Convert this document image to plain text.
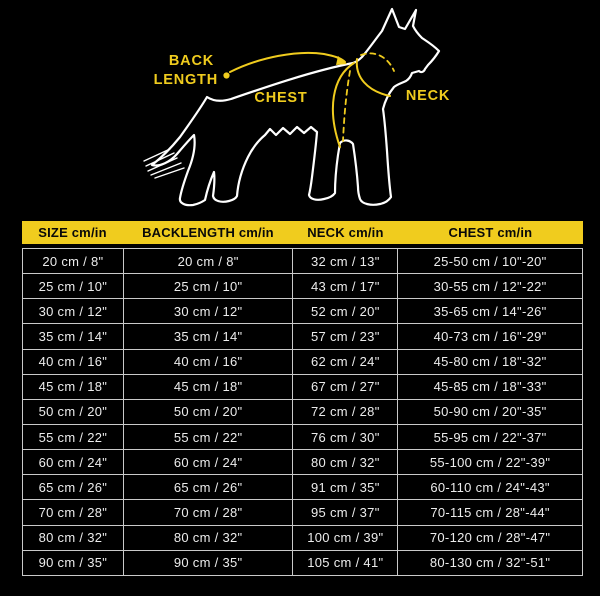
BACK
LENGTH
CHEST	NECK
SIZE cm/in	BACKLENGTH cm/in	NECK cm/in	CHEST cm/in
20 cm / 8"	20 cm / 8"	32 cm / 13"	25-50 cm / 10"-20"
25 cm / 10"	25 cm / 10"	43 cm / 17"	30-55 cm / 12"-22"
30 cm / 12"	30 cm / 12"	52 cm / 20"	35-65 cm / 14"-26"
35 cm / 14"	35 cm / 14"	57 cm / 23"	40-73 cm / 16"-29"
40 cm / 16"	40 cm / 16"	62 cm / 24"	45-80 cm / 18"-32"
45 cm / 18"	45 cm / 18"	67 cm / 27"	45-85 cm / 18"-33"
50 cm / 20"	50 cm / 20"	72 cm / 28"	50-90 cm / 20"-35"
55 cm / 22"	55 cm / 22"	76 cm / 30"	55-95 cm / 22"-37"
60 cm / 24"	60 cm / 24"	80 cm / 32"	55-100 cm / 22"-39"
65 cm / 26"	65 cm / 26"	91 cm / 35"	60-110 cm / 24"-43"
70 cm / 28"	70 cm / 28"	95 cm / 37"	70-115 cm / 28"-44"
80 cm / 32"	80 cm / 32"	100 cm / 39"	70-120 cm / 28"-47"
90 cm / 35"	90 cm / 35"	105 cm / 41"	80-130 cm / 32"-51"
